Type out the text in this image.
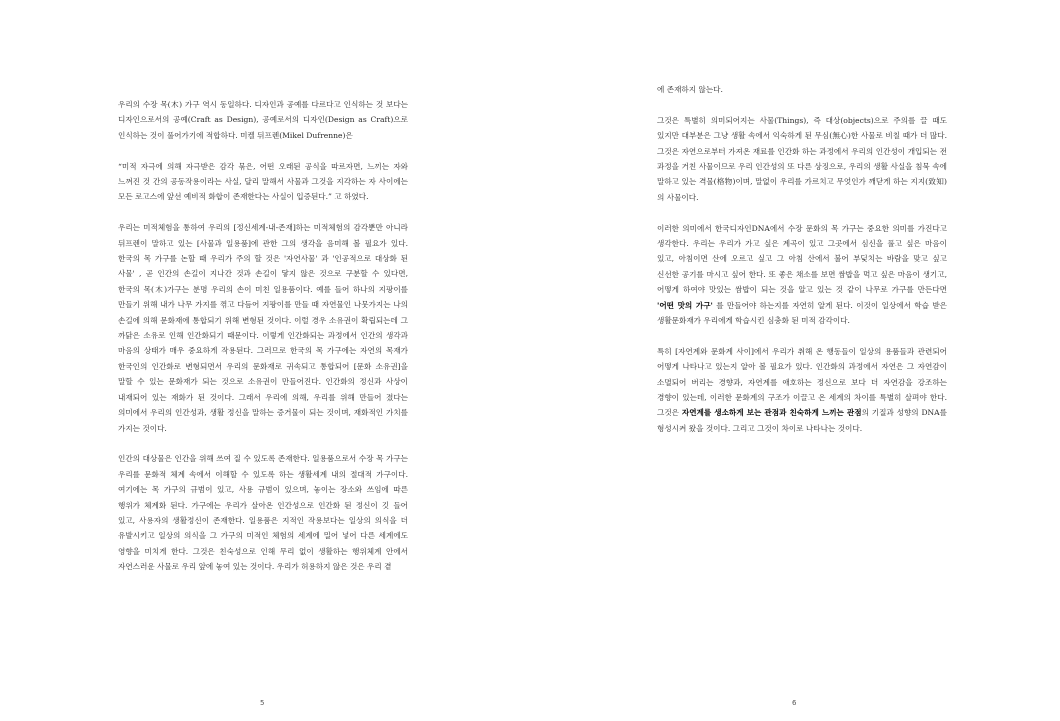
우리의 수장 목(木) 가구 역시 동일하다. 디자인과 공예를 다르다고 인식하는 것 보다는 디자인으로서의 공예(Craft as Design), 공예로서의 디자인(Design as Craft)으로 인식하는 것이 풀어가기에 적합하다. 미켈 뒤프렌(Mikel Dufrenne)은

“미적 자극에 의해 자극받은 감각 묶은, 어떤 오래된 공식을 따르자면, 느끼는 자와 느껴진 것 간의 공동작용이라는 사실, 달리 말해서 사물과 그것을 지각하는 자 사이에는 모든 로고스에 앞선 예비적 화합이 존재한다는 사실이 입증된다.” 고 하였다.

우리는 미적체험을 통하여 우리의 [정신세계-내-존재]하는 미적체험의 감각뿐만 아니라 뒤프렌이 말하고 있는 [사물과 일용품]에 관한 그의 생각을 음미해 볼 필요가 있다. 한국의 목 가구를 논할 때 우리가 주의 할 것은 '자연사물' 과 '인공적으로 대상화 된 사물' , 곧 인간의 손길이 지나간 것과 손길이 닿지 않은 것으로 구분할 수 있다면, 한국의 목(木)가구는 분명 우리의 손이 미친 일용품이다. 예를 들어 하나의 지팡이를 만들기 위해 내가 나무 가지를 꺾고 다듬어 지팡이를 만들 때 자연물인 나뭇가지는 나의 손길에 의해 문화재에 통합되기 위해 변형된 것이다. 이럴 경우 소유권이 확립되는데 그 까닭은 소유로 인해 인간화되기 때문이다. 이렇게 인간화되는 과정에서 인간의 생각과 마음의 상태가 매우 중요하게 작용된다. 그러므로 한국의 목 가구에는 자연의 목재가 한국인의 인간화로 변형되면서 우리의 문화재로 귀속되고 통합되어 [문화 소유권]을 말할 수 있는 문화재가 되는 것으로 소유권이 만들어진다. 인간화의 정신과 사상이 내재되어 있는 재화가 된 것이다. 그래서 우리에 의해, 우리를 위해 만들어 졌다는 의미에서 우리의 인간성과, 생활 정신을 말하는 증거물이 되는 것이며, 재화적인 가치를 가지는 것이다.

인간의 대상물은 인간을 위해 쓰여 질 수 있도록 존재한다. 일용품으로서 수장 목 가구는 우리를 문화적 체계 속에서 이해할 수 있도록 하는 생활세계 내의 절대적 가구이다. 여기에는 목 가구의 규범이 있고, 사용 규범이 있으며, 놓이는 장소와 쓰임에 따른 행위가 체계화 된다. 가구에는 우리가 살아온 인간성으로 인간화 된 정신이 깃 들어 있고, 사용자의 생활정신이 존재한다. 일용품은 지적인 작용보다는 일상의 의식을 더 유발시키고 일상의 의식을 그 가구의 미적인 체험의 세계에 밀어 넣어 다른 세계에도 영향을 미치게 한다. 그것은 친숙성으로 인해 무리 없이 생활하는 행위체계 안에서 자연스러운 사물로 우리 앞에 놓여 있는 것이다. 우리가 허용하지 않은 것은 우리 곁

5

에 존재하지 않는다.

그것은 특별히 의미되어지는 사물(Things), 즉 대상(objects)으로 주의를 끌 때도 있지만 대부분은 그냥 생활 속에서 익숙하게 된 무심(無心)한 사물로 비칠 때가 더 많다. 그것은 자연으로부터 가져온 재료를 인간화 하는 과정에서 우리의 인간성이 개입되는 전 과정을 거친 사물이므로 우리 인간성의 또 다른 상징으로, 우리의 생활 사실을 침묵 속에 말하고 있는 격물(格物)이며, 말없이 우리를 가르치고 무엇인가 깨닫게 하는 지지(致知)의 사물이다.

이러한 의미에서 한국디자인DNA에서 수장 문화의 목 가구는 중요한 의미를 가진다고 생각한다. 우리는 우리가 가고 싶은 계곡이 있고 그곳에서 심신을 풀고 싶은 마음이 있고, 아침이면 산에 오르고 싶고 그 아침 산에서 불어 부딪치는 바람을 맞고 싶고 신선한 공기를 마시고 싶어 한다. 또 좋은 채소를 보면 쌈밥을 먹고 싶은 마음이 생기고, 어떻게 하여야 맛있는 쌈밥이 되는 것을 알고 있는 것 같이 나무로 가구를 만든다면 '어떤 맛의 가구' 를 만들어야 하는지를 자연히 알게 된다. 이것이 일상에서 학습 받은 생활문화재가 우리에게 학습시킨 심충화 된 미적 감각이다.

특히 [자연계와 문화계 사이]에서 우리가 취해 온 행동들이 일상의 용품들과 관련되어 어떻게 나타나고 있는지 알아 볼 필요가 있다. 인간화의 과정에서 자연은 그 자연감이 소멸되어 버리는 경향과, 자연계를 애호하는 정신으로 보다 더 자연감을 강조하는 경향이 있는데, 이러한 문화계의 구조가 이끌고 온 세계의 차이를 특별히 살펴야 한다. 그것은 자연계를 생소하게 보는 관점과 친숙하게 느끼는 관점의 기질과 성향의 DNA를 형성시켜 왔을 것이다. 그리고 그것이 차이로 나타나는 것이다.

6
